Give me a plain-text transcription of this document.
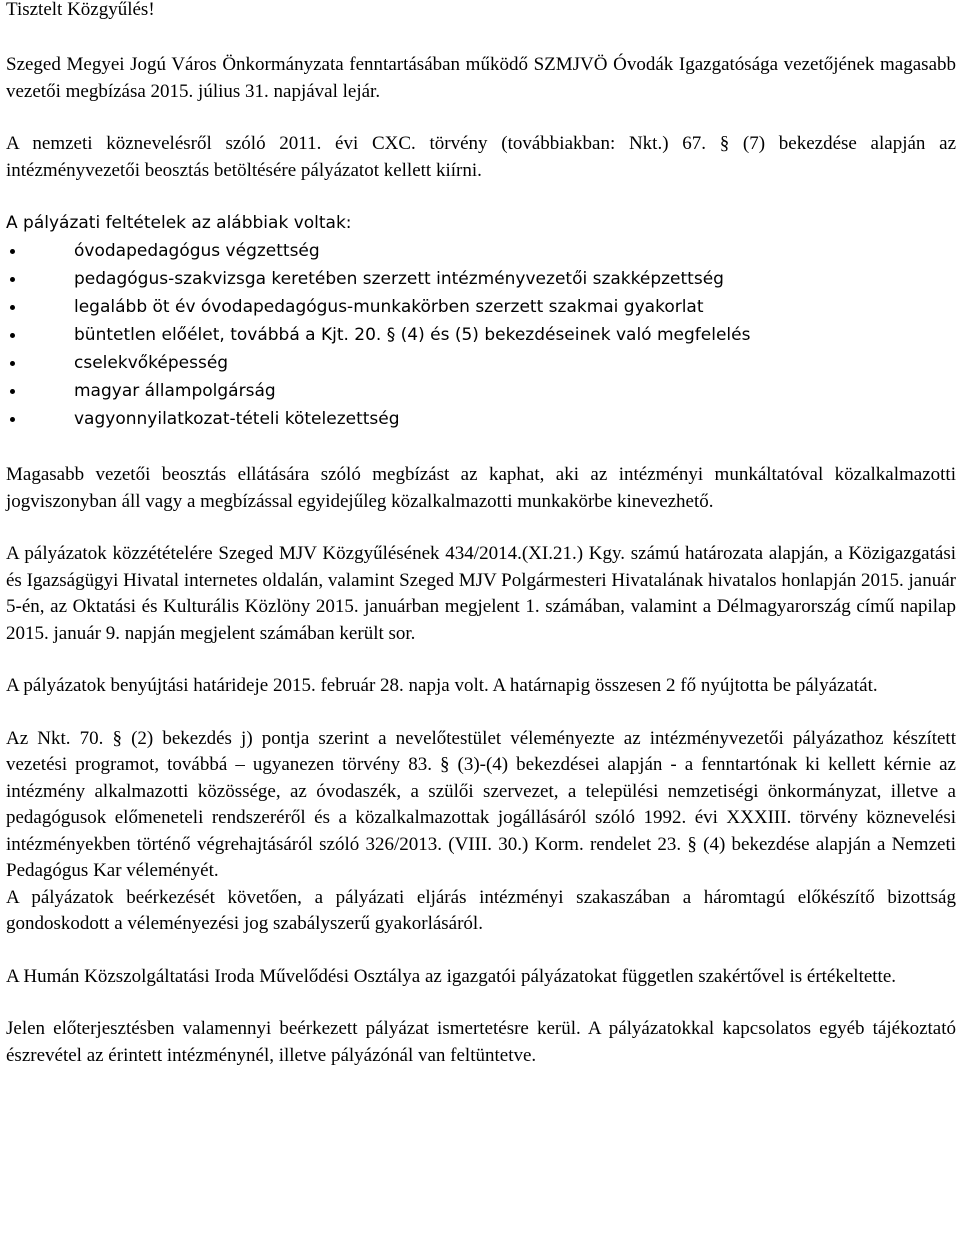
Tisztelt Közgyűlés!

Szeged Megyei Jogú Város Önkormányzata fenntartásában működő SZMJVÖ Óvodák Igazgatósága vezetőjének magasabb vezetői megbízása 2015. július 31. napjával lejár.

A nemzeti köznevelésről szóló 2011. évi CXC. törvény (továbbiakban: Nkt.) 67. § (7) bekezdése alapján az intézményvezetői beosztás betöltésére pályázatot kellett kiírni.

A pályázati feltételek az alábbiak voltak:

óvodapedagógus végzettség
pedagógus-szakvizsga keretében szerzett intézményvezetői szakképzettség
legalább öt év óvodapedagógus-munkakörben szerzett szakmai gyakorlat
büntetlen előélet, továbbá a Kjt. 20. § (4) és (5) bekezdéseinek való megfelelés
cselekvőképesség
magyar állampolgárság
vagyonnyilatkozat-tételi kötelezettség

Magasabb vezetői beosztás ellátására szóló megbízást az kaphat, aki az intézményi munkáltatóval közalkalmazotti jogviszonyban áll vagy a megbízással egyidejűleg közalkalmazotti munkakörbe kinevezhető.

A pályázatok közzétételére Szeged MJV Közgyűlésének 434/2014.(XI.21.) Kgy. számú határozata alapján, a Közigazgatási és Igazságügyi Hivatal internetes oldalán, valamint Szeged MJV Polgármesteri Hivatalának hivatalos honlapján 2015. január 5-én, az Oktatási és Kulturális Közlöny 2015. januárban megjelent 1. számában, valamint a Délmagyarország című napilap 2015. január 9. napján megjelent számában került sor.

A pályázatok benyújtási határideje 2015. február 28. napja volt. A határnapig összesen 2 fő nyújtotta be pályázatát.

Az Nkt. 70. § (2) bekezdés j) pontja szerint a nevelőtestület véleményezte az intézményvezetői pályázathoz készített vezetési programot, továbbá – ugyanezen törvény 83. § (3)-(4) bekezdései alapján - a fenntartónak ki kellett kérnie az intézmény alkalmazotti közössége, az óvodaszék, a szülői szervezet, a települési nemzetiségi önkormányzat, illetve a pedagógusok előmeneteli rendszeréről és a közalkalmazottak jogállásáról szóló 1992. évi XXXIII. törvény köznevelési intézményekben történő végrehajtásáról szóló 326/2013. (VIII. 30.) Korm. rendelet 23. § (4) bekezdése alapján a Nemzeti Pedagógus Kar véleményét.

A pályázatok beérkezését követően, a pályázati eljárás intézményi szakaszában a háromtagú előkészítő bizottság gondoskodott a véleményezési jog szabályszerű gyakorlásáról.

A Humán Közszolgáltatási Iroda Művelődési Osztálya az igazgatói pályázatokat független szakértővel is értékeltette.

Jelen előterjesztésben valamennyi beérkezett pályázat ismertetésre kerül. A pályázatokkal kapcsolatos egyéb tájékoztató észrevétel az érintett intézménynél, illetve pályázónál van feltüntetve.
